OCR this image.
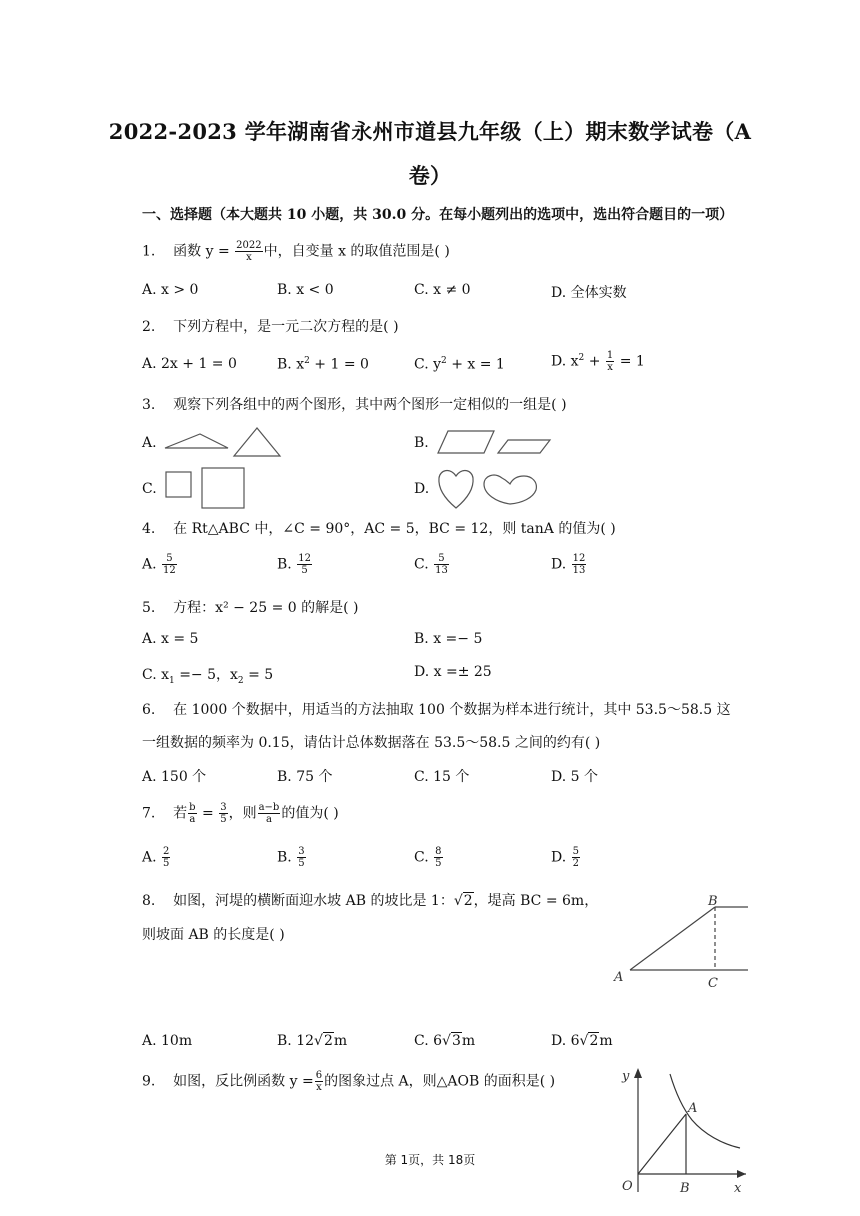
2022-2023 学年湖南省永州市道县九年级（上）期末数学试卷（A
卷）
一、选择题（本大题共 10 小题，共 30.0 分。在每小题列出的选项中，选出符合题目的一项）
1. 函数 $y = \frac{2022}{x}$ 中，自变量 x 的取值范围是( )
A. x > 0	B. x < 0	C. x ≠ 0	D. 全体实数
2. 下列方程中，是一元二次方程的是( )
A. 2x + 1 = 0	B. $x^2 + 1 = 0$	C. $y^2 + x = 1$	D. $x^2 + \frac{1}{x} = 1$
3. 观察下列各组中的两个图形，其中两个图形一定相似的一组是( )
A.	B.
C.	D.
4. 在 Rt△ABC 中，∠C = 90°，AC = 5，BC = 12，则 tanA 的值为( )
A. $\frac{5}{12}$	B. $\frac{12}{5}$	C. $\frac{5}{13}$	D. $\frac{12}{13}$
5. 方程：x² − 25 = 0 的解是( )
A. x = 5	B. x =− 5
C. $x_1 =- 5$，$x_2 = 5$	D. x =± 25
6. 在 1000 个数据中，用适当的方法抽取 100 个数据为样本进行统计，其中 53.5～58.5 这
一组数据的频率为 0.15，请估计总体数据落在 53.5～58.5 之间的约有( )
A. 150 个	B. 75 个	C. 15 个	D. 5 个
7. 若 $\frac{b}{a} = \frac{3}{5}$ ，则 $\frac{a-b}{a}$ 的值为( )
A. $\frac{2}{5}$	B. $\frac{3}{5}$	C. $\frac{8}{5}$	D. $\frac{5}{2}$
8. 如图，河堤的横断面迎水坡 AB 的坡比是 1：√2，堤高 BC = 6m，
则坡面 AB 的长度是( )
B
A	C
A. 10m	B. 12√2m	C. 6√3m	D. 6√2m
9. 如图，反比例函数 $y = \frac{6}{x}$ 的图象过点 A，则△AOB 的面积是( )	y
A
O	B	x
第 1页，共 18页
